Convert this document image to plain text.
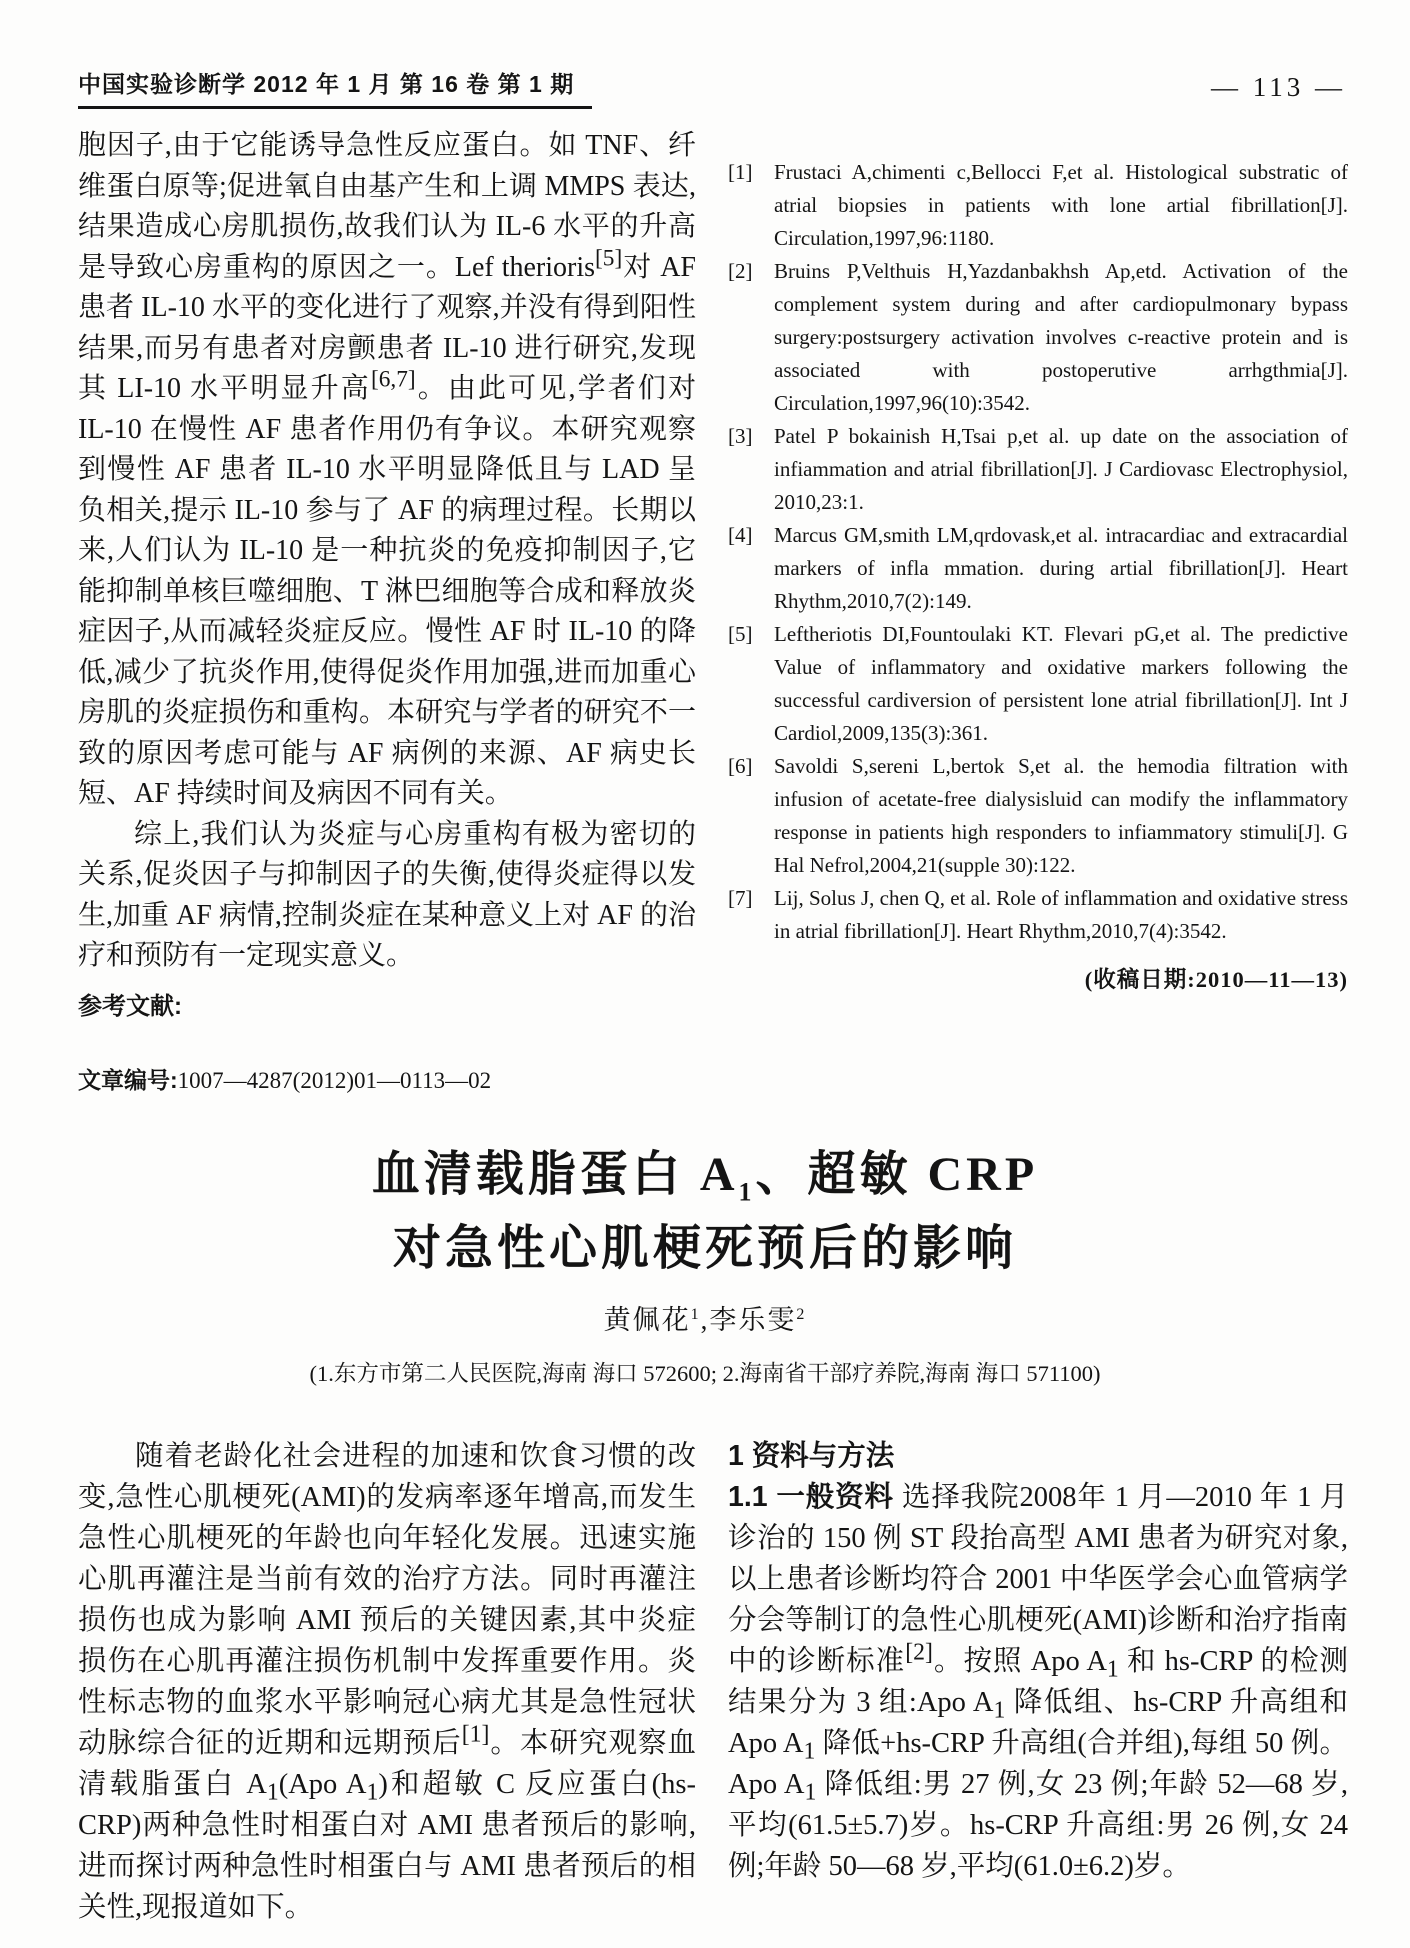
中国实验诊断学 2012 年 1 月 第 16 卷 第 1 期	— 113 —

胞因子,由于它能诱导急性反应蛋白。如 TNF、纤维蛋白原等;促进氧自由基产生和上调 MMPS 表达,结果造成心房肌损伤,故我们认为 IL-6 水平的升高是导致心房重构的原因之一。Lef therioris[5]对 AF 患者 IL-10 水平的变化进行了观察,并没有得到阳性结果,而另有患者对房颤患者 IL-10 进行研究,发现其 LI-10 水平明显升高[6,7]。由此可见,学者们对 IL-10 在慢性 AF 患者作用仍有争议。本研究观察到慢性 AF 患者 IL-10 水平明显降低且与 LAD 呈负相关,提示 IL-10 参与了 AF 的病理过程。长期以来,人们认为 IL-10 是一种抗炎的免疫抑制因子,它能抑制单核巨噬细胞、T 淋巴细胞等合成和释放炎症因子,从而减轻炎症反应。慢性 AF 时 IL-10 的降低,减少了抗炎作用,使得促炎作用加强,进而加重心房肌的炎症损伤和重构。本研究与学者的研究不一致的原因考虑可能与 AF 病例的来源、AF 病史长短、AF 持续时间及病因不同有关。

综上,我们认为炎症与心房重构有极为密切的关系,促炎因子与抑制因子的失衡,使得炎症得以发生,加重 AF 病情,控制炎症在某种意义上对 AF 的治疗和预防有一定现实意义。

参考文献:

[1] Frustaci A,chimenti c,Bellocci F,et al. Histological substratic of atrial biopsies in patients with lone artial fibrillation[J]. Circulation,1997,96:1180.

[2] Bruins P,Velthuis H,Yazdanbakhsh Ap,etd. Activation of the complement system during and after cardiopulmonary bypass surgery:postsurgery activation involves c-reactive protein and is associated with postoperutive arrhgthmia[J]. Circulation,1997,96(10):3542.

[3] Patel P bokainish H,Tsai p,et al. up date on the association of infiammation and atrial fibrillation[J]. J Cardiovasc Electrophysiol, 2010,23:1.

[4] Marcus GM,smith LM,qrdovask,et al. intracardiac and extracardial markers of infla mmation. during artial fibrillation[J]. Heart Rhythm,2010,7(2):149.

[5] Leftheriotis DI,Fountoulaki KT. Flevari pG,et al. The predictive Value of inflammatory and oxidative markers following the successful cardiversion of persistent lone atrial fibrillation[J]. Int J Cardiol,2009,135(3):361.

[6] Savoldi S,sereni L,bertok S,et al. the hemodia filtration with infusion of acetate-free dialysisluid can modify the inflammatory response in patients high responders to infiammatory stimuli[J]. G Hal Nefrol,2004,21(supple 30):122.

[7] Lij, Solus J, chen Q, et al. Role of inflammation and oxidative stress in atrial fibrillation[J]. Heart Rhythm,2010,7(4):3542.

(收稿日期:2010—11—13)
文章编号:1007—4287(2012)01—0113—02
血清载脂蛋白 $A_1$、超敏 CRP
对急性心肌梗死预后的影响
黄佩花$^1$,李乐雯$^2$
(1.东方市第二人民医院,海南 海口 572600; 2.海南省干部疗养院,海南 海口 571100)

随着老龄化社会进程的加速和饮食习惯的改变,急性心肌梗死(AMI)的发病率逐年增高,而发生急性心肌梗死的年龄也向年轻化发展。迅速实施心肌再灌注是当前有效的治疗方法。同时再灌注损伤也成为影响 AMI 预后的关键因素,其中炎症损伤在心肌再灌注损伤机制中发挥重要作用。炎性标志物的血浆水平影响冠心病尤其是急性冠状动脉综合征的近期和远期预后[1]。本研究观察血清载脂蛋白 $A_1(Apo$ $A_1$)和超敏 C 反应蛋白(hs-CRP)两种急性时相蛋白对 AMI 患者预后的影响,进而探讨两种急性时相蛋白与 AMI 患者预后的相关性,现报道如下。

1 资料与方法

1.1 一般资料 选择我院2008年 1 月—2010 年 1 月诊治的 150 例 ST 段抬高型 AMI 患者为研究对象,以上患者诊断均符合 2001 中华医学会心血管病学分会等制订的急性心肌梗死(AMI)诊断和治疗指南中的诊断标准[2]。按照 Apo $A_1$ 和 hs-CRP 的检测结果分为 3 组:Apo $A_1$ 降低组、hs-CRP 升高组和 Apo $A_1$ 降低+hs-CRP 升高组(合并组),每组 50 例。Apo $A_1$ 降低组:男 27 例,女 23 例;年龄 52—68 岁,平均(61.5±5.7)岁。hs-CRP 升高组:男 26 例,女 24 例;年龄 50—68 岁,平均(61.0±6.2)岁。
